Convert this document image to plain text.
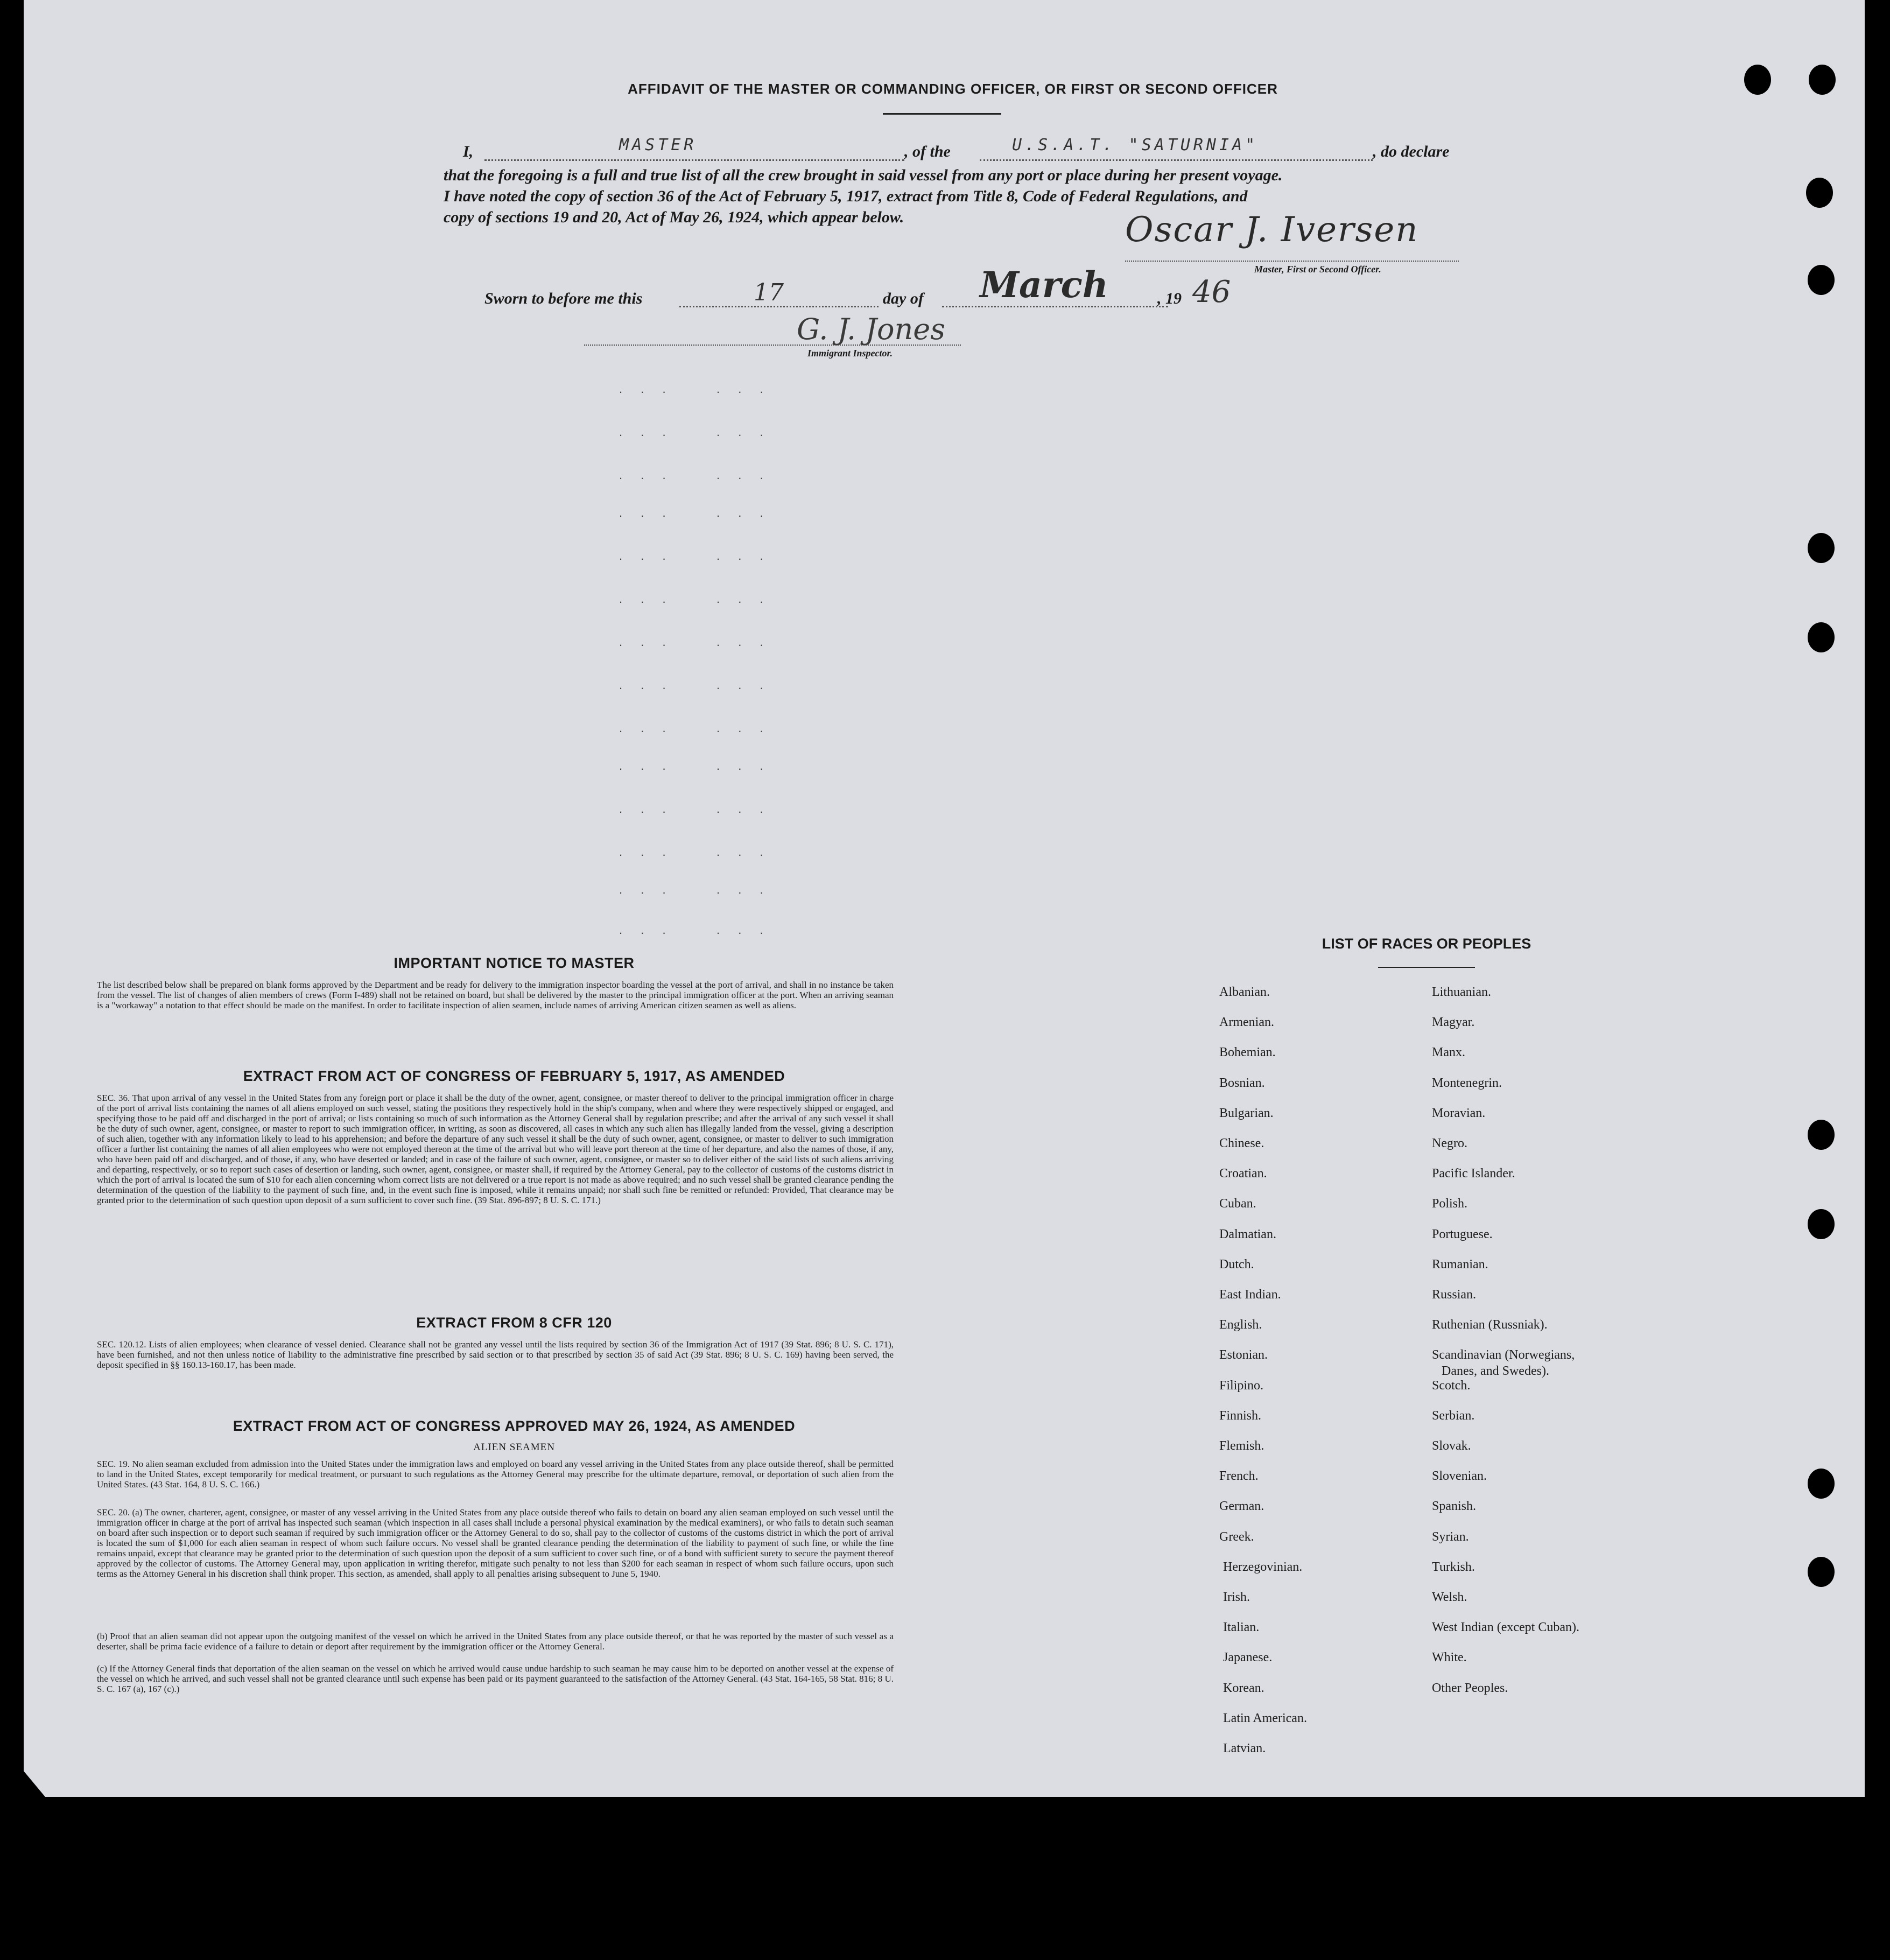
AFFIDAVIT OF THE MASTER OR COMMANDING OFFICER, OR FIRST OR SECOND OFFICER
I,	MASTER	, of the	U.S.A.T. "SATURNIA"	, do declare
that the foregoing is a full and true list of all the crew brought in said vessel from any port or place during her present voyage.
I have noted the copy of section 36 of the Act of February 5, 1917, extract from Title 8, Code of Federal Regulations, and
copy of sections 19 and 20, Act of May 26, 1924, which appear below.	Oscar J. Iversen
Master, First or Second Officer.
Sworn to before me this	17	day of March	, 19 46
G. J. Jones
Immigrant Inspector.
. . .    . . .
. . .    . . .
. . .    . . .
. . .    . . .
. . .    . . .
. . .    . . .
. . .    . . .
. . .    . . .
. . .    . . .
. . .    . . .
. . .    . . .
. . .    . . .
. . .    . . .
. . .    . . .
IMPORTANT NOTICE TO MASTER
The list described below shall be prepared on blank forms approved by the Department and be ready for delivery to the immigration inspector boarding the vessel at the port of arrival, and shall in no instance be taken from the vessel. The list of changes of alien members of crews (Form I-489) shall not be retained on board, but shall be delivered by the master to the principal immigration officer at the port. When an arriving seaman is a "workaway" a notation to that effect should be made on the manifest. In order to facilitate inspection of alien seamen, include names of arriving American citizen seamen as well as aliens.
EXTRACT FROM ACT OF CONGRESS OF FEBRUARY 5, 1917, AS AMENDED
SEC. 36. That upon arrival of any vessel in the United States from any foreign port or place it shall be the duty of the owner, agent, consignee, or master thereof to deliver to the principal immigration officer in charge of the port of arrival lists containing the names of all aliens employed on such vessel, stating the positions they respectively hold in the ship's company, when and where they were respectively shipped or engaged, and specifying those to be paid off and discharged in the port of arrival; or lists containing so much of such information as the Attorney General shall by regulation prescribe; and after the arrival of any such vessel it shall be the duty of such owner, agent, consignee, or master to report to such immigration officer, in writing, as soon as discovered, all cases in which any such alien has illegally landed from the vessel, giving a description of such alien, together with any information likely to lead to his apprehension; and before the departure of any such vessel it shall be the duty of such owner, agent, consignee, or master to deliver to such immigration officer a further list containing the names of all alien employees who were not employed thereon at the time of the arrival but who will leave port thereon at the time of her departure, and also the names of those, if any, who have been paid off and discharged, and of those, if any, who have deserted or landed; and in case of the failure of such owner, agent, consignee, or master so to deliver either of the said lists of such aliens arriving and departing, respectively, or so to report such cases of desertion or landing, such owner, agent, consignee, or master shall, if required by the Attorney General, pay to the collector of customs of the customs district in which the port of arrival is located the sum of $10 for each alien concerning whom correct lists are not delivered or a true report is not made as above required; and no such vessel shall be granted clearance pending the determination of the question of the liability to the payment of such fine, and, in the event such fine is imposed, while it remains unpaid; nor shall such fine be remitted or refunded: Provided, That clearance may be granted prior to the determination of such question upon deposit of a sum sufficient to cover such fine. (39 Stat. 896-897; 8 U. S. C. 171.)
EXTRACT FROM 8 CFR 120
SEC. 120.12. Lists of alien employees; when clearance of vessel denied. Clearance shall not be granted any vessel until the lists required by section 36 of the Immigration Act of 1917 (39 Stat. 896; 8 U. S. C. 171), have been furnished, and not then unless notice of liability to the administrative fine prescribed by said section or to that prescribed by section 35 of said Act (39 Stat. 896; 8 U. S. C. 169) having been served, the deposit specified in §§ 160.13-160.17, has been made.
EXTRACT FROM ACT OF CONGRESS APPROVED MAY 26, 1924, AS AMENDED
ALIEN SEAMEN
SEC. 19. No alien seaman excluded from admission into the United States under the immigration laws and employed on board any vessel arriving in the United States from any place outside thereof, shall be permitted to land in the United States, except temporarily for medical treatment, or pursuant to such regulations as the Attorney General may prescribe for the ultimate departure, removal, or deportation of such alien from the United States. (43 Stat. 164, 8 U. S. C. 166.)
SEC. 20. (a) The owner, charterer, agent, consignee, or master of any vessel arriving in the United States from any place outside thereof who fails to detain on board any alien seaman employed on such vessel until the immigration officer in charge at the port of arrival has inspected such seaman (which inspection in all cases shall include a personal physical examination by the medical examiners), or who fails to detain such seaman on board after such inspection or to deport such seaman if required by such immigration officer or the Attorney General to do so, shall pay to the collector of customs of the customs district in which the port of arrival is located the sum of $1,000 for each alien seaman in respect of whom such failure occurs. No vessel shall be granted clearance pending the determination of the liability to payment of such fine, or while the fine remains unpaid, except that clearance may be granted prior to the determination of such question upon the deposit of a sum sufficient to cover such fine, or of a bond with sufficient surety to secure the payment thereof approved by the collector of customs. The Attorney General may, upon application in writing therefor, mitigate such penalty to not less than $200 for each seaman in respect of whom such failure occurs, upon such terms as the Attorney General in his discretion shall think proper. This section, as amended, shall apply to all penalties arising subsequent to June 5, 1940.
(b) Proof that an alien seaman did not appear upon the outgoing manifest of the vessel on which he arrived in the United States from any place outside thereof, or that he was reported by the master of such vessel as a deserter, shall be prima facie evidence of a failure to detain or deport after requirement by the immigration officer or the Attorney General.
(c) If the Attorney General finds that deportation of the alien seaman on the vessel on which he arrived would cause undue hardship to such seaman he may cause him to be deported on another vessel at the expense of the vessel on which he arrived, and such vessel shall not be granted clearance until such expense has been paid or its payment guaranteed to the satisfaction of the Attorney General. (43 Stat. 164-165, 58 Stat. 816; 8 U. S. C. 167 (a), 167 (c).)
LIST OF RACES OR PEOPLES
Albanian.
Armenian.
Bohemian.
Bosnian.
Bulgarian.
Chinese.
Croatian.
Cuban.
Dalmatian.
Dutch.
East Indian.
English.
Estonian.
Filipino.
Finnish.
Flemish.
French.
German.
Greek.
Herzegovinian.
Irish.
Italian.
Japanese.
Korean.
Latin American.
Latvian.
Lithuanian.
Magyar.
Manx.
Montenegrin.
Moravian.
Negro.
Pacific Islander.
Polish.
Portuguese.
Rumanian.
Russian.
Ruthenian (Russniak).
Scandinavian (Norwegians,
Danes, and Swedes).
Scotch.
Serbian.
Slovak.
Slovenian.
Spanish.
Syrian.
Turkish.
Welsh.
West Indian (except Cuban).
White.
Other Peoples.
